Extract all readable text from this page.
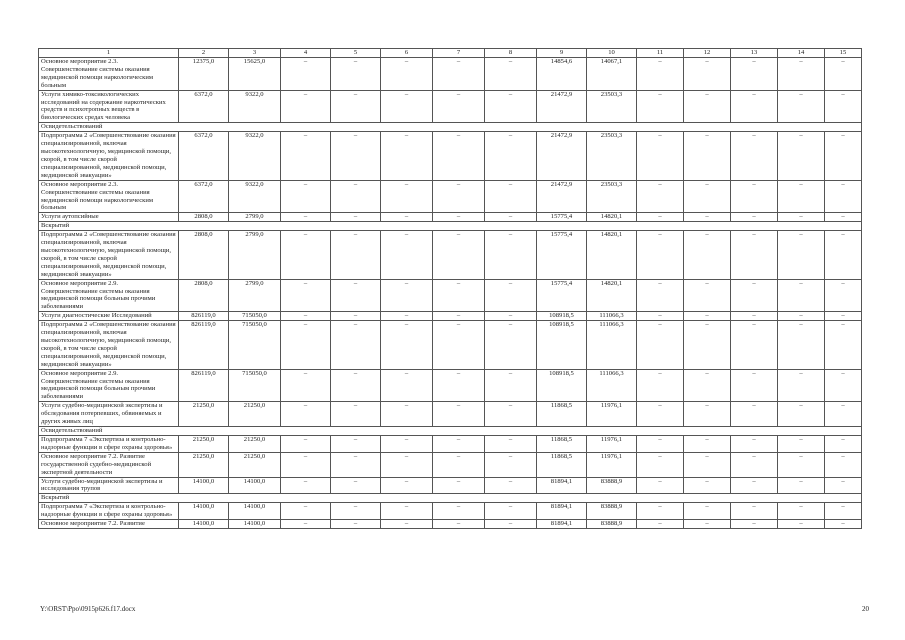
1	2	3	4	5	6	7	8	9	10	11	12	13	14	15
Основное мероприятие 2.3. Совершенствование системы оказания медицинской помощи наркологическим больным	12375,0	15625,0	–	–	–	–	–	14854,6	14067,1	–	–	–	–	–
Услуги химико-токсикологических исследований на содержание наркотических средств и психотропных веществ в биологических средах человека	6372,0	9322,0	–	–	–	–	–	21472,9	23503,3	–	–	–	–	–
Освидетельствований														
Подпрограмма 2 «Совершенствование оказания специализированной, включая высокотехнологичную, медицинской помощи, скорой, в том числе скорой специализированной, медицинской помощи, медицинской эвакуации»	6372,0	9322,0	–	–	–	–	–	21472,9	23503,3	–	–	–	–	–
Основное мероприятие 2.3. Совершенствование системы оказания медицинской помощи наркологическим больным	6372,0	9322,0	–	–	–	–	–	21472,9	23503,3	–	–	–	–	–
Услуги аутопсийные	2808,0	2799,0	–	–	–	–	–	15775,4	14820,1	–	–	–	–	–
Вскрытий														
Подпрограмма 2 «Совершенствование оказания специализированной, включая высокотехнологичную, медицинской помощи, скорой, в том числе скорой специализированной, медицинской помощи, медицинской эвакуации»	2808,0	2799,0	–	–	–	–	–	15775,4	14820,1	–	–	–	–	–
Основное мероприятие 2.9. Совершенствование системы оказания медицинской помощи больным прочими заболеваниями	2808,0	2799,0	–	–	–	–	–	15775,4	14820,1	–	–	–	–	–
Услуги диагностические Исследований	826119,0	715050,0	–	–	–	–	–	108918,5	111066,3	–	–	–	–	–
Подпрограмма 2 «Совершенствование оказания специализированной, включая высокотехнологичную, медицинской помощи, скорой, в том числе скорой специализированной, медицинской помощи, медицинской эвакуации»	826119,0	715050,0	–	–	–	–	–	108918,5	111066,3	–	–	–	–	–
Основное мероприятие 2.9. Совершенствование системы оказания медицинской помощи больным прочими заболеваниями	826119,0	715050,0	–	–	–	–	–	108918,5	111066,3	–	–	–	–	–
Услуги судебно-медицинской экспертизы и обследования потерпевших, обвиняемых и других живых лиц	21250,0	21250,0	–	–	–	–	–	11868,5	11976,1	–	–	–	–	–
Освидетельствований														
Подпрограмма 7 «Экспертиза и контрольно-надзорные функции в сфере охраны здоровья»	21250,0	21250,0	–	–	–	–	–	11868,5	11976,1	–	–	–	–	–
Основное мероприятие 7.2. Развитие государственной судебно-медицинской экспертной деятельности	21250,0	21250,0	–	–	–	–	–	11868,5	11976,1	–	–	–	–	–
Услуги судебно-медицинской экспертизы и исследования трупов	14100,0	14100,0	–	–	–	–	–	81894,1	83888,9	–	–	–	–	–
Вскрытий														
Подпрограмма 7 «Экспертиза и контрольно-надзорные функции в сфере охраны здоровья»	14100,0	14100,0	–	–	–	–	–	81894,1	83888,9	–	–	–	–	–
Основное мероприятие 7.2. Развитие	14100,0	14100,0	–	–	–	–	–	81894,1	83888,9	–	–	–	–	–
Y:\ORST\Ppo\0915p626.f17.docx	20
